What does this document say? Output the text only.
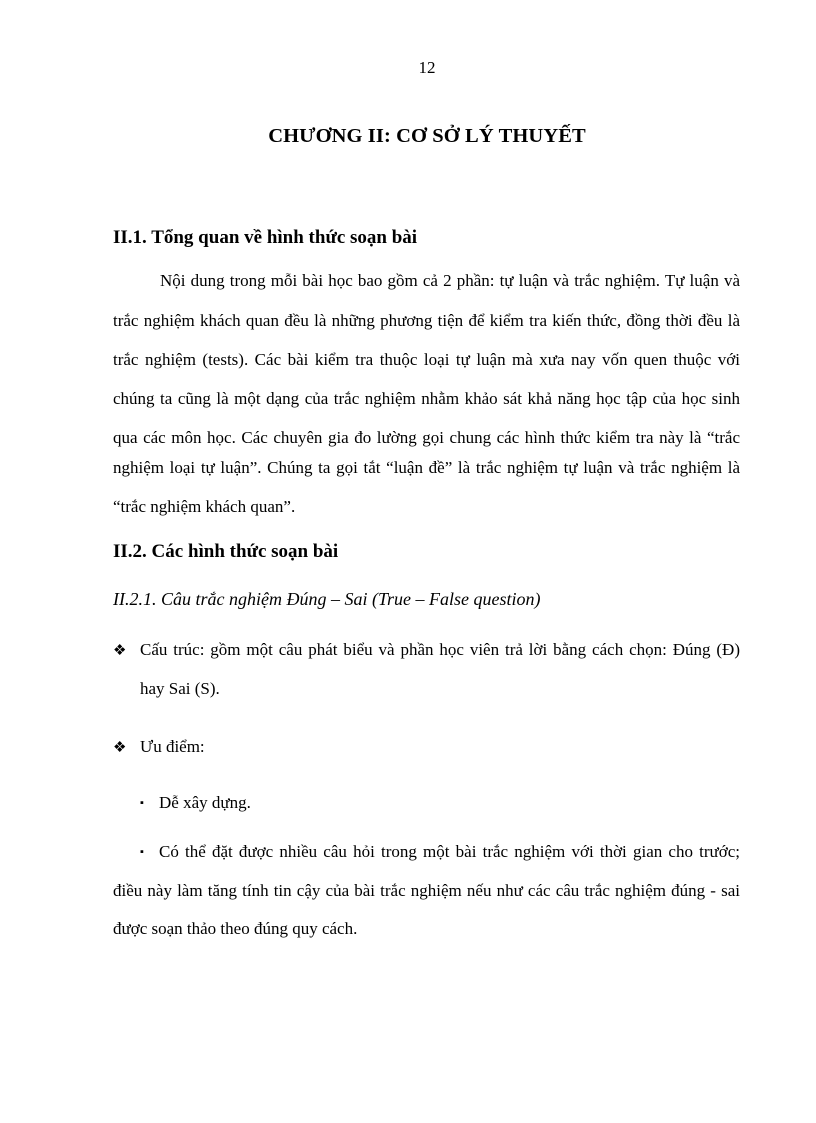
12
CHƯƠNG II: CƠ SỞ LÝ THUYẾT
II.1. Tổng quan về hình thức soạn bài
Nội dung trong mỗi bài học bao gồm cả 2 phần: tự luận và trắc nghiệm. Tự luận và
trắc nghiệm khách quan đều là những phương tiện để kiểm tra kiến thức, đồng thời đều là
trắc nghiệm (tests). Các bài kiểm tra thuộc loại tự luận mà xưa nay vốn quen thuộc với
chúng ta cũng là một dạng của trắc nghiệm nhằm khảo sát khả năng học tập của học sinh
qua các môn học. Các chuyên gia đo lường gọi chung các hình thức kiểm tra này là “trắc
nghiệm loại tự luận”. Chúng ta gọi tắt “luận đề” là trắc nghiệm tự luận và trắc nghiệm là
“trắc nghiệm khách quan”.
II.2. Các hình thức soạn bài
II.2.1. Câu trắc nghiệm Đúng – Sai (True – False question)
❖ Cấu trúc: gồm một câu phát biểu và phần học viên trả lời bằng cách chọn: Đúng (Đ)
hay Sai (S).
❖ Ưu điểm:
▪ Dễ xây dựng.
▪ Có thể đặt được nhiều câu hỏi trong một bài trắc nghiệm với thời gian cho trước;
điều này làm tăng tính tin cậy của bài trắc nghiệm nếu như các câu trắc nghiệm đúng - sai
được soạn thảo theo đúng quy cách.
